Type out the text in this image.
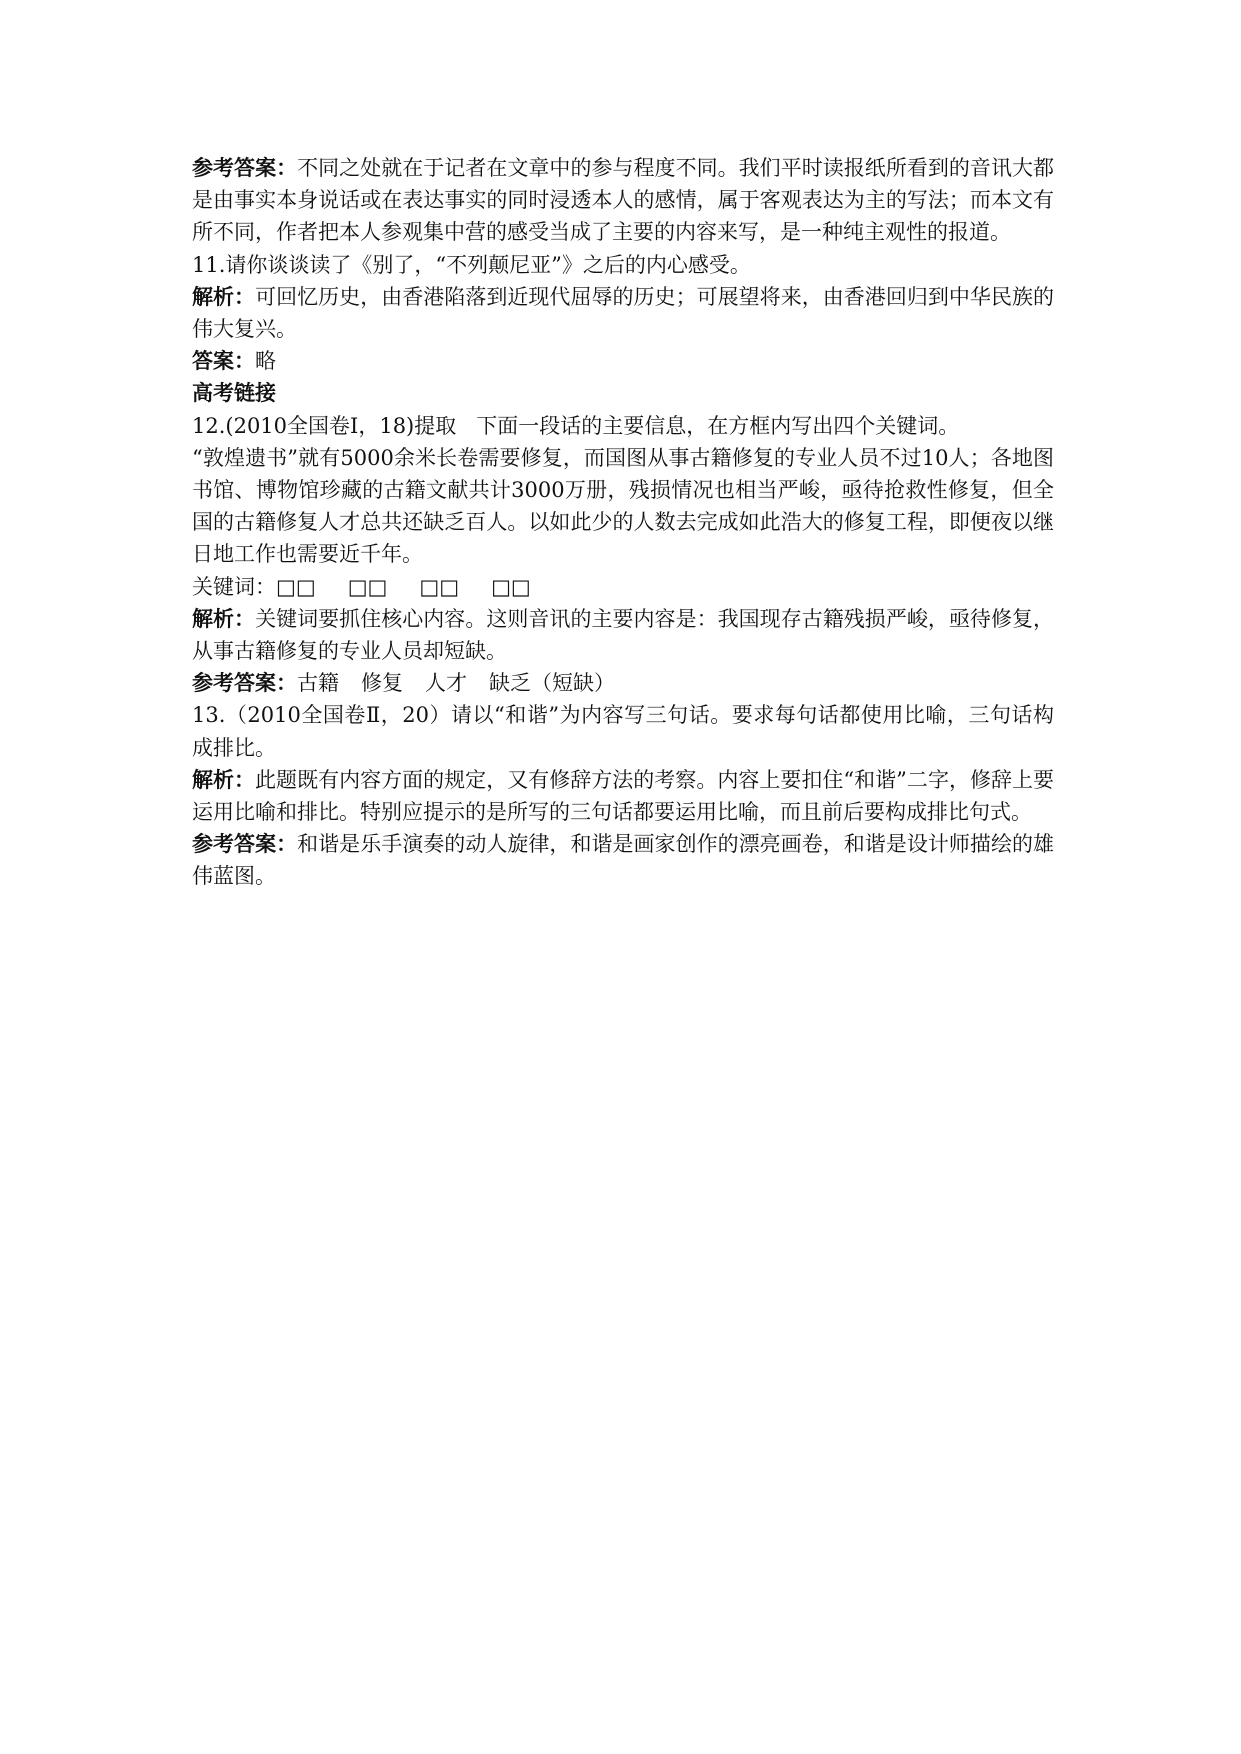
参考答案：不同之处就在于记者在文章中的参与程度不同。我们平时读报纸所看到的音讯大都是由事实本身说话或在表达事实的同时浸透本人的感情，属于客观表达为主的写法；而本文有所不同，作者把本人参观集中营的感受当成了主要的内容来写，是一种纯主观性的报道。

11.请你谈谈读了《别了，“不列颠尼亚”》之后的内心感受。

解析：可回忆历史，由香港陷落到近现代屈辱的历史；可展望将来，由香港回归到中华民族的伟大复兴。

答案：略

高考链接

12.(2010全国卷Ⅰ，18)提取 下面一段话的主要信息，在方框内写出四个关键词。

“敦煌遗书”就有5000余米长卷需要修复，而国图从事古籍修复的专业人员不过10人；各地图书馆、博物馆珍藏的古籍文献共计3000万册，残损情况也相当严峻，亟待抢救性修复，但全国的古籍修复人才总共还缺乏百人。以如此少的人数去完成如此浩大的修复工程，即便夜以继日地工作也需要近千年。

关键词：□□ □□ □□ □□

解析：关键词要抓住核心内容。这则音讯的主要内容是：我国现存古籍残损严峻，亟待修复，从事古籍修复的专业人员却短缺。

参考答案：古籍 修复 人才 缺乏（短缺）

13.（2010全国卷Ⅱ，20）请以“和谐”为内容写三句话。要求每句话都使用比喻，三句话构成排比。

解析：此题既有内容方面的规定，又有修辞方法的考察。内容上要扣住“和谐”二字，修辞上要运用比喻和排比。特别应提示的是所写的三句话都要运用比喻，而且前后要构成排比句式。

参考答案：和谐是乐手演奏的动人旋律，和谐是画家创作的漂亮画卷，和谐是设计师描绘的雄伟蓝图。
